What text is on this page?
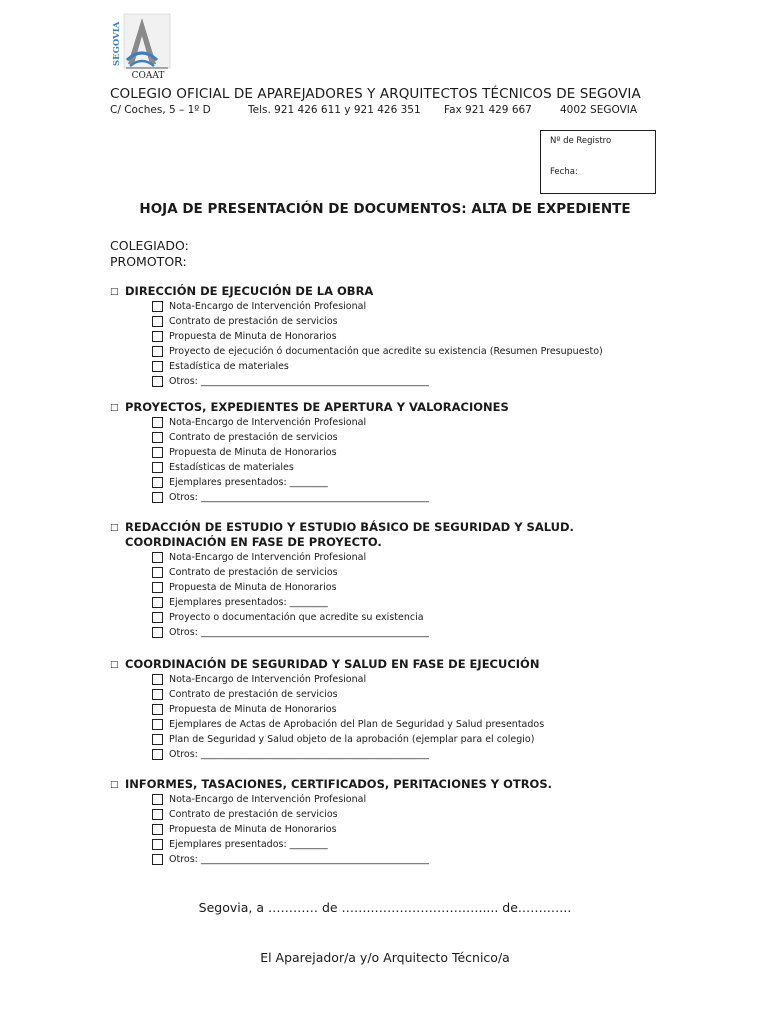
SEGOVIA
COAAT
COLEGIO OFICIAL DE APAREJADORES Y ARQUITECTOS TÉCNICOS DE SEGOVIA
C/ Coches, 5 – 1º D	Tels. 921 426 611 y 921 426 351 Fax 921 429 667	4002 SEGOVIA
Nº de Registro
Fecha:
HOJA DE PRESENTACIÓN DE DOCUMENTOS: ALTA DE EXPEDIENTE
COLEGIADO:
PROMOTOR:
□ DIRECCIÓN DE EJECUCIÓN DE LA OBRA
Nota-Encargo de Intervención Profesional
Contrato de prestación de servicios
Propuesta de Minuta de Honorarios
Proyecto de ejecución ó documentación que acredite su existencia (Resumen Presupuesto)
Estadística de materiales
Otros: ________________________________________________
□ PROYECTOS, EXPEDIENTES DE APERTURA Y VALORACIONES
Nota-Encargo de Intervención Profesional
Contrato de prestación de servicios
Propuesta de Minuta de Honorarios
Estadísticas de materiales
Ejemplares presentados: ________
Otros: ________________________________________________
□ REDACCIÓN DE ESTUDIO Y ESTUDIO BÁSICO DE SEGURIDAD Y SALUD. COORDINACIÓN EN FASE DE PROYECTO.
Nota-Encargo de Intervención Profesional
Contrato de prestación de servicios
Propuesta de Minuta de Honorarios
Ejemplares presentados: ________
Proyecto o documentación que acredite su existencia
Otros: ________________________________________________
□ COORDINACIÓN DE SEGURIDAD Y SALUD EN FASE DE EJECUCIÓN
Nota-Encargo de Intervención Profesional
Contrato de prestación de servicios
Propuesta de Minuta de Honorarios
Ejemplares de Actas de Aprobación del Plan de Seguridad y Salud presentados
Plan de Seguridad y Salud objeto de la aprobación (ejemplar para el colegio)
Otros: ________________________________________________
□ INFORMES, TASACIONES, CERTIFICADOS, PERITACIONES Y OTROS.
Nota-Encargo de Intervención Profesional
Contrato de prestación de servicios
Propuesta de Minuta de Honorarios
Ejemplares presentados: ________
Otros: ________________________________________________
Segovia, a ………… de ……..………………….…..... de.…….…..
El Aparejador/a y/o Arquitecto Técnico/a
